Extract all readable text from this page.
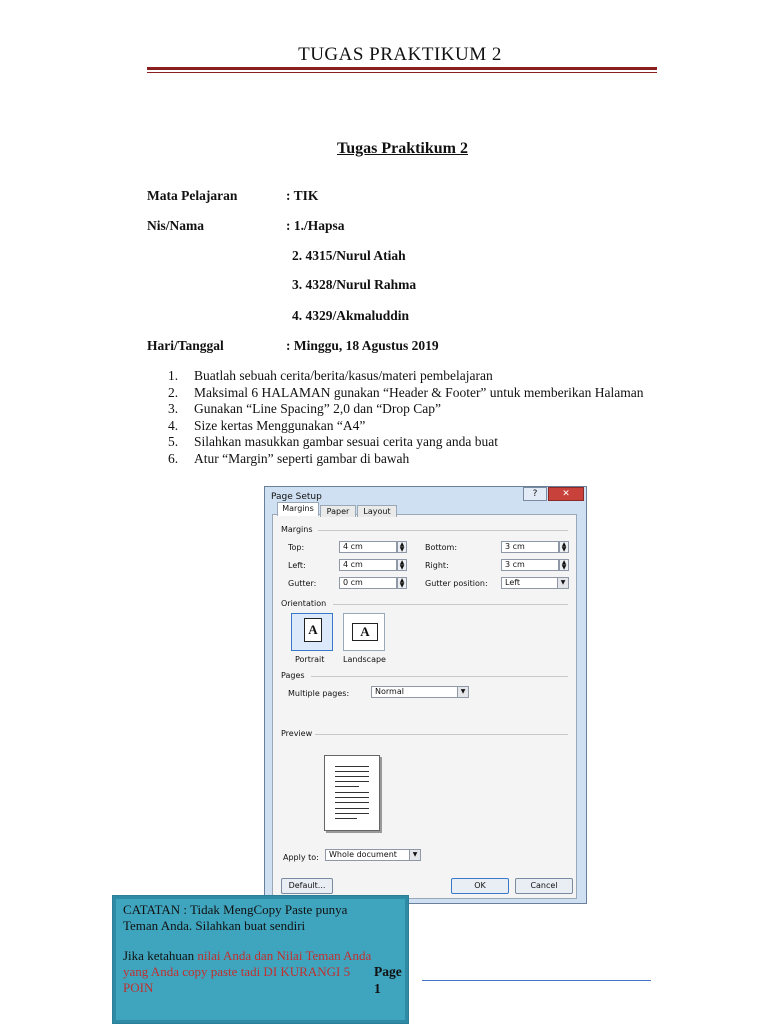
TUGAS PRAKTIKUM 2
Tugas Praktikum 2
Mata Pelajaran	: TIK
Nis/Nama	: 1./Hapsa
2. 4315/Nurul Atiah
3. 4328/Nurul Rahma
4. 4329/Akmaluddin
Hari/Tanggal	: Minggu, 18 Agustus 2019
1.	Buatlah sebuah cerita/berita/kasus/materi pembelajaran
2.	Maksimal 6 HALAMAN gunakan “Header & Footer” untuk memberikan Halaman
3.	Gunakan “Line Spacing” 2,0 dan “Drop Cap”
4.	Size kertas Menggunakan “A4”
5.	Silahkan masukkan gambar sesuai cerita yang anda buat
6.	Atur “Margin” seperti gambar di bawah
Page Setup	?	✕
Margins	Paper	Layout
Margins
Top:	4 cm	▲
▼
Left:	4 cm	▲
▼
Gutter:	0 cm	▲
▼
Bottom:	3 cm	▲
▼
Right:	3 cm	▲
▼
Gutter position:	Left	▼
Orientation
A
Portrait
A
Landscape
Pages
Multiple pages:	Normal	▼
Preview
Apply to:	Whole document	▼
Default...	OK	Cancel

CATATAN : Tidak MengCopy Paste punya Teman Anda. Silahkan buat sendiri

Jika ketahuan nilai Anda dan Nilai Teman Anda yang Anda copy paste tadi DI KURANGI 5 POIN

Page
1
